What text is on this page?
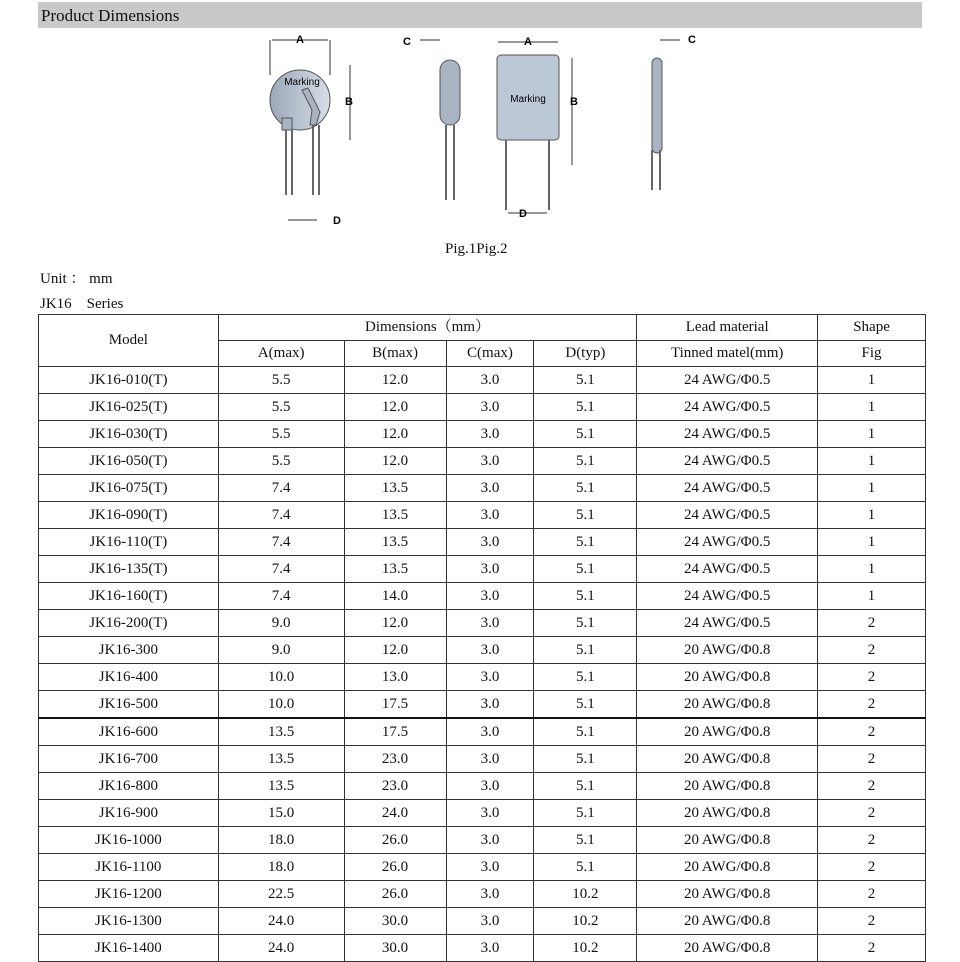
Product Dimensions
A
Marking
B
D
C	A
Marking B
D
C
Pig.1Pig.2
Unit ： mm
JK16　Series
Model	Dimensions（mm）				Lead material	Shape
	A(max)	B(max)	C(max)	D(typ)	Tinned matel(mm)	Fig
JK16-010(T)	5.5	12.0	3.0	5.1	24 AWG/Φ0.5	1
JK16-025(T)	5.5	12.0	3.0	5.1	24 AWG/Φ0.5	1
JK16-030(T)	5.5	12.0	3.0	5.1	24 AWG/Φ0.5	1
JK16-050(T)	5.5	12.0	3.0	5.1	24 AWG/Φ0.5	1
JK16-075(T)	7.4	13.5	3.0	5.1	24 AWG/Φ0.5	1
JK16-090(T)	7.4	13.5	3.0	5.1	24 AWG/Φ0.5	1
JK16-110(T)	7.4	13.5	3.0	5.1	24 AWG/Φ0.5	1
JK16-135(T)	7.4	13.5	3.0	5.1	24 AWG/Φ0.5	1
JK16-160(T)	7.4	14.0	3.0	5.1	24 AWG/Φ0.5	1
JK16-200(T)	9.0	12.0	3.0	5.1	24 AWG/Φ0.5	2
JK16-300	9.0	12.0	3.0	5.1	20 AWG/Φ0.8	2
JK16-400	10.0	13.0	3.0	5.1	20 AWG/Φ0.8	2
JK16-500	10.0	17.5	3.0	5.1	20 AWG/Φ0.8	2
JK16-600	13.5	17.5	3.0	5.1	20 AWG/Φ0.8	2
JK16-700	13.5	23.0	3.0	5.1	20 AWG/Φ0.8	2
JK16-800	13.5	23.0	3.0	5.1	20 AWG/Φ0.8	2
JK16-900	15.0	24.0	3.0	5.1	20 AWG/Φ0.8	2
JK16-1000	18.0	26.0	3.0	5.1	20 AWG/Φ0.8	2
JK16-1100	18.0	26.0	3.0	5.1	20 AWG/Φ0.8	2
JK16-1200	22.5	26.0	3.0	10.2	20 AWG/Φ0.8	2
JK16-1300	24.0	30.0	3.0	10.2	20 AWG/Φ0.8	2
JK16-1400	24.0	30.0	3.0	10.2	20 AWG/Φ0.8	2
